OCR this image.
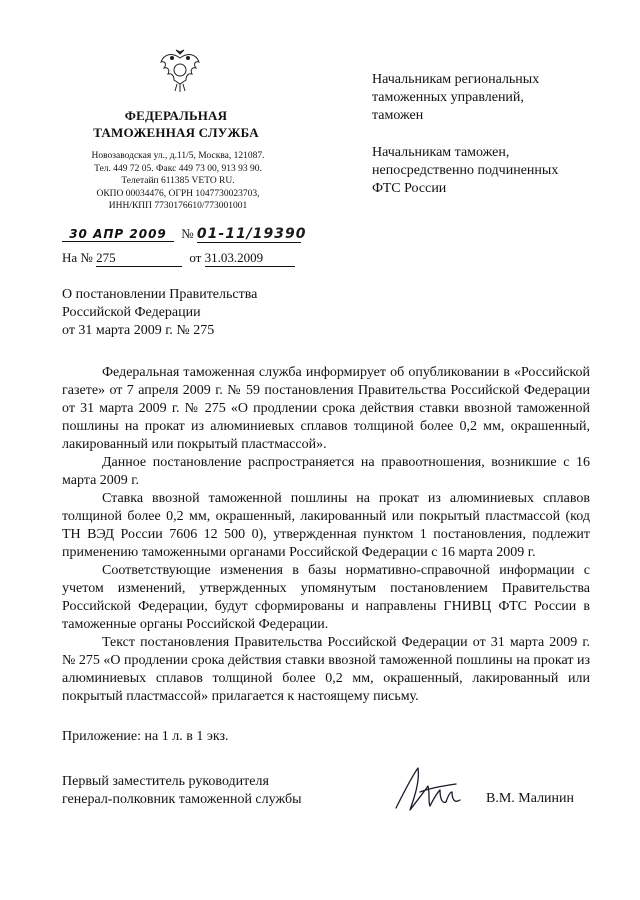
ФЕДЕРАЛЬНАЯ
ТАМОЖЕННАЯ СЛУЖБА
Новозаводская ул., д.11/5, Москва, 121087.
Тел. 449 72 05. Факс 449 73 00, 913 93 90.
Телетайп 611385 VETO RU.
ОКПО 00034476, ОГРН 1047730023703,
ИНН/КПП 7730176610/773001001
30 АПР 2009 № 01-11/19390
На № 275	от 31.03.2009
Начальникам региональных
таможенных управлений,
таможен
Начальникам таможен,
непосредственно подчиненных
ФТС России
О постановлении Правительства
Российской Федерации
от 31 марта 2009 г. № 275

Федеральная таможенная служба информирует об опубликовании в «Российской газете» от 7 апреля 2009 г. № 59 постановления Правительства Российской Федерации от 31 марта 2009 г. № 275 «О продлении срока действия ставки ввозной таможенной пошлины на прокат из алюминиевых сплавов толщиной более 0,2 мм, окрашенный, лакированный или покрытый пластмассой».

Данное постановление распространяется на правоотношения, возникшие с 16 марта 2009 г.

Ставка ввозной таможенной пошлины на прокат из алюминиевых сплавов толщиной более 0,2 мм, окрашенный, лакированный или покрытый пластмассой (код ТН ВЭД России 7606 12 500 0), утвержденная пунктом 1 постановления, подлежит применению таможенными органами Российской Федерации с 16 марта 2009 г.

Соответствующие изменения в базы нормативно-справочной информации с учетом изменений, утвержденных упомянутым постановлением Правительства Российской Федерации, будут сформированы и направлены ГНИВЦ ФТС России в таможенные органы Российской Федерации.

Текст постановления Правительства Российской Федерации от 31 марта 2009 г. № 275 «О продлении срока действия ставки ввозной таможенной пошлины на прокат из алюминиевых сплавов толщиной более 0,2 мм, окрашенный, лакированный или покрытый пластмассой» прилагается к настоящему письму.

Приложение: на 1 л. в 1 экз.
Первый заместитель руководителя
генерал-полковник таможенной службы	В.М. Малинин
